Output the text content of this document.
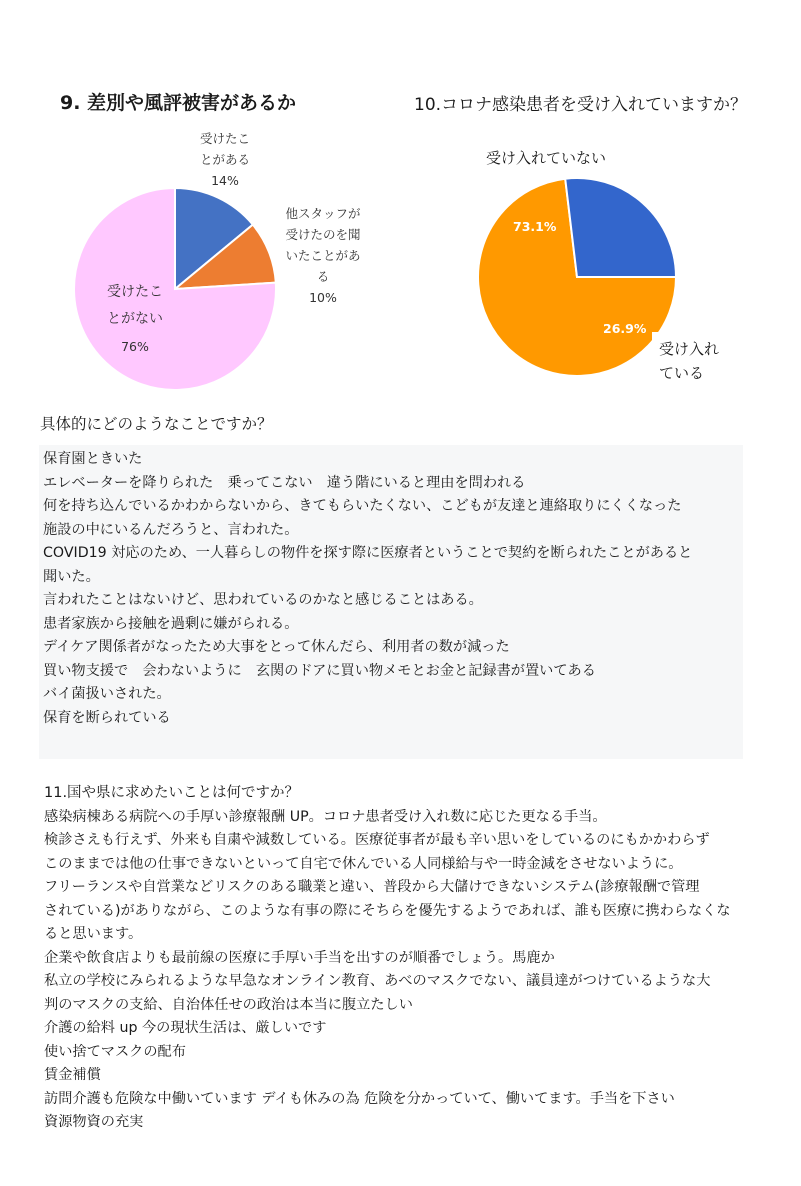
9. 差別や風評被害があるか
受けたこ
とがある
14%
他スタッフが
受けたのを聞
いたことがあ
る
10%
受けたこ
とがない
76%
10.コロナ感染患者を受け入れていますか？
73.1%
26.9%
受け入れていない
受け入れ
ている
具体的にどのようなことですか？
保育園ときいた
エレベーターを降りられた　乗ってこない　違う階にいると理由を問われる
何を持ち込んでいるかわからないから、きてもらいたくない、こどもが友達と連絡取りにくくなった
施設の中にいるんだろうと、言われた。
COVID19 対応のため、一人暮らしの物件を探す際に医療者ということで契約を断られたことがあると
聞いた。
言われたことはないけど、思われているのかなと感じることはある。
患者家族から接触を過剰に嫌がられる。
デイケア関係者がなったため大事をとって休んだら、利用者の数が減った
買い物支援で　会わないように　玄関のドアに買い物メモとお金と記録書が置いてある
バイ菌扱いされた。
保育を断られている
11.国や県に求めたいことは何ですか？
感染病棟ある病院への手厚い診療報酬 UP。コロナ患者受け入れ数に応じた更なる手当。
検診さえも行えず、外来も自粛や減数している。医療従事者が最も辛い思いをしているのにもかかわらず
このままでは他の仕事できないといって自宅で休んでいる人同様給与や一時金減をさせないように。
フリーランスや自営業などリスクのある職業と違い、普段から大儲けできないシステム(診療報酬で管理
されている)がありながら、このような有事の際にそちらを優先するようであれば、誰も医療に携わらなくな
ると思います。
企業や飲食店よりも最前線の医療に手厚い手当を出すのが順番でしょう。馬鹿か
私立の学校にみられるような早急なオンライン教育、あべのマスクでない、議員達がつけているような大
判のマスクの支給、自治体任せの政治は本当に腹立たしい
介護の給料 up 今の現状生活は、厳しいです
使い捨てマスクの配布
賃金補償
訪問介護も危険な中働いています デイも休みの為 危険を分かっていて、働いてます。手当を下さい
資源物資の充実
